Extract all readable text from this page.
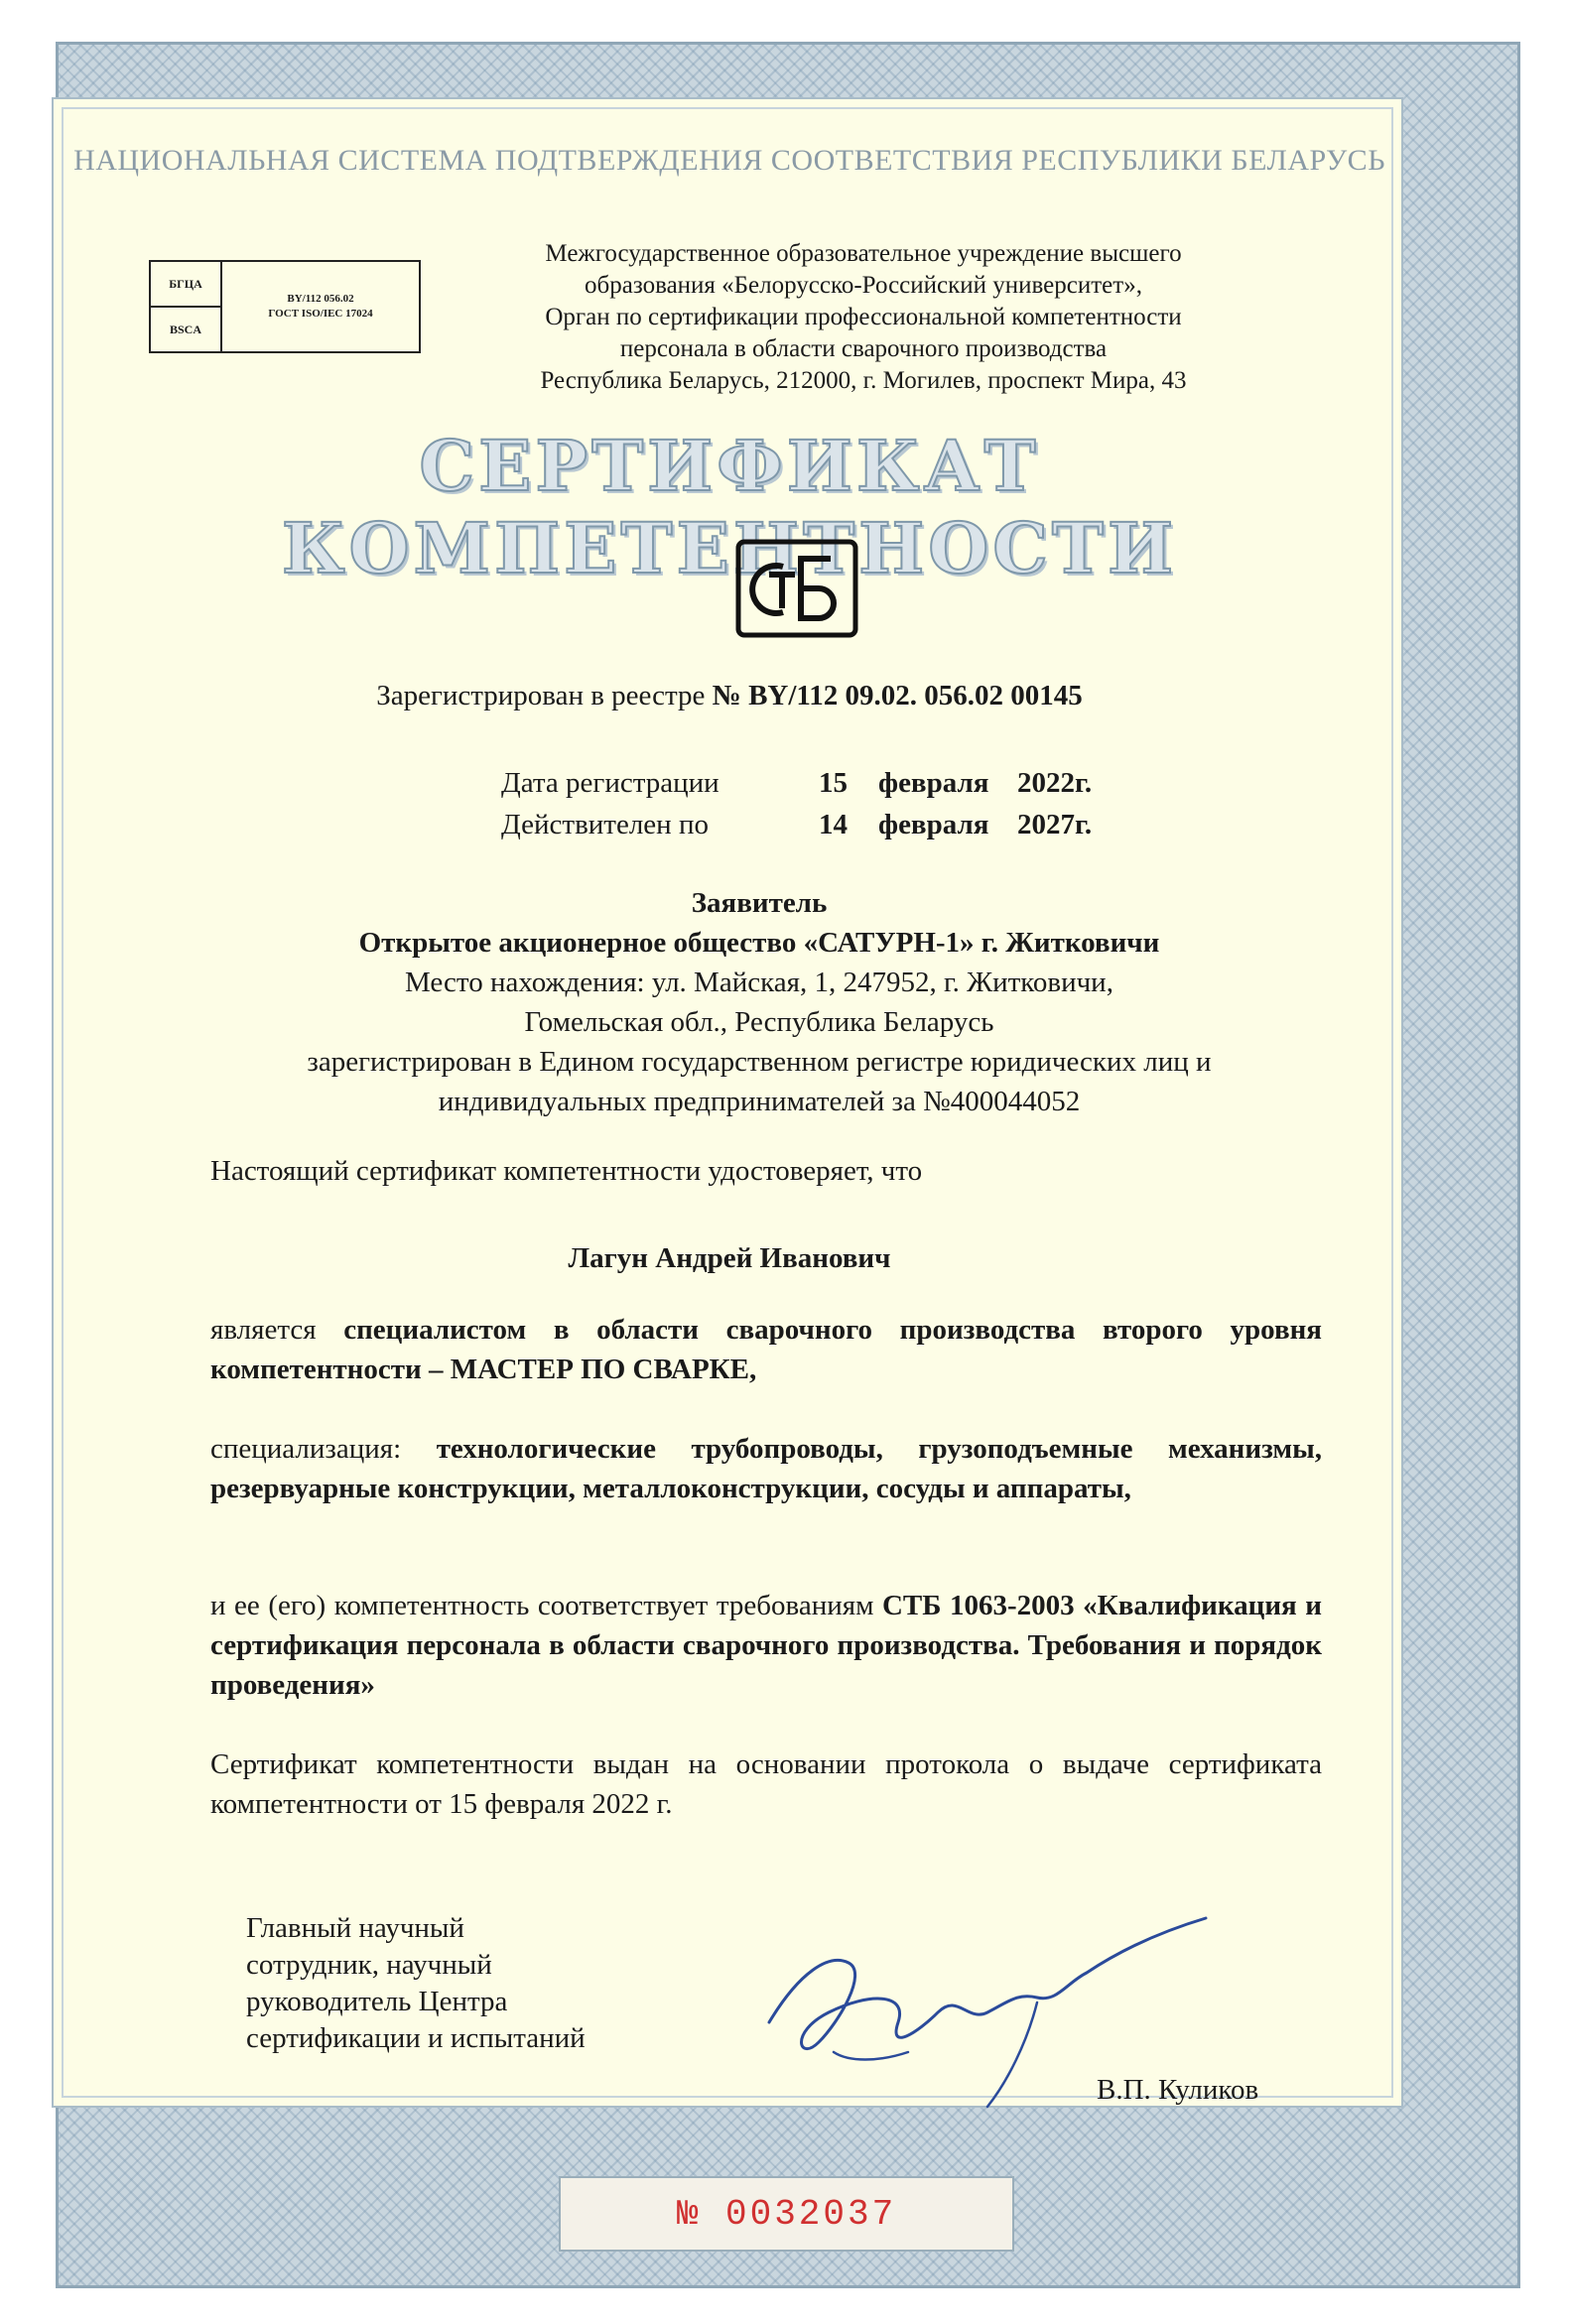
НАЦИОНАЛЬНАЯ СИСТЕМА ПОДТВЕРЖДЕНИЯ СООТВЕТСТВИЯ РЕСПУБЛИКИ БЕЛАРУСЬ
БГЦА
BSCA
BY/112 056.02
ГОСТ ISO/IEC 17024
Межгосударственное образовательное учреждение высшего
образования «Белорусско-Российский университет»,
Орган по сертификации профессиональной компетентности
персонала в области сварочного производства
Республика Беларусь, 212000, г. Могилев, проспект Мира, 43
СЕРТИФИКАТ КОМПЕТЕНТНОСТИ
Зарегистрирован в реестре № BY/112 09.02. 056.02 00145
Дата регистрации	15	февраля 2022г.
Действителен по	14	февраля 2027г.
Заявитель
Открытое акционерное общество «САТУРН-1» г. Житковичи
Место нахождения: ул. Майская, 1, 247952, г. Житковичи,
Гомельская обл., Республика Беларусь
зарегистрирован в Едином государственном регистре юридических лиц и
индивидуальных предпринимателей за №400044052
Настоящий сертификат компетентности удостоверяет, что
Лагун Андрей Иванович
является специалистом в области сварочного производства второго уровня компетентности – МАСТЕР ПО СВАРКЕ,
специализация: технологические трубопроводы, грузоподъемные механизмы, резервуарные конструкции, металлоконструкции, сосуды и аппараты,
и ее (его) компетентность соответствует требованиям СТБ 1063-2003 «Квалификация и сертификация персонала в области сварочного производства. Требования и порядок проведения»
Сертификат компетентности выдан на основании протокола о выдаче сертификата компетентности от 15 февраля 2022 г.
Главный научный
сотрудник, научный
руководитель Центра
сертификации и испытаний
В.П. Куликов
№ 0032037
